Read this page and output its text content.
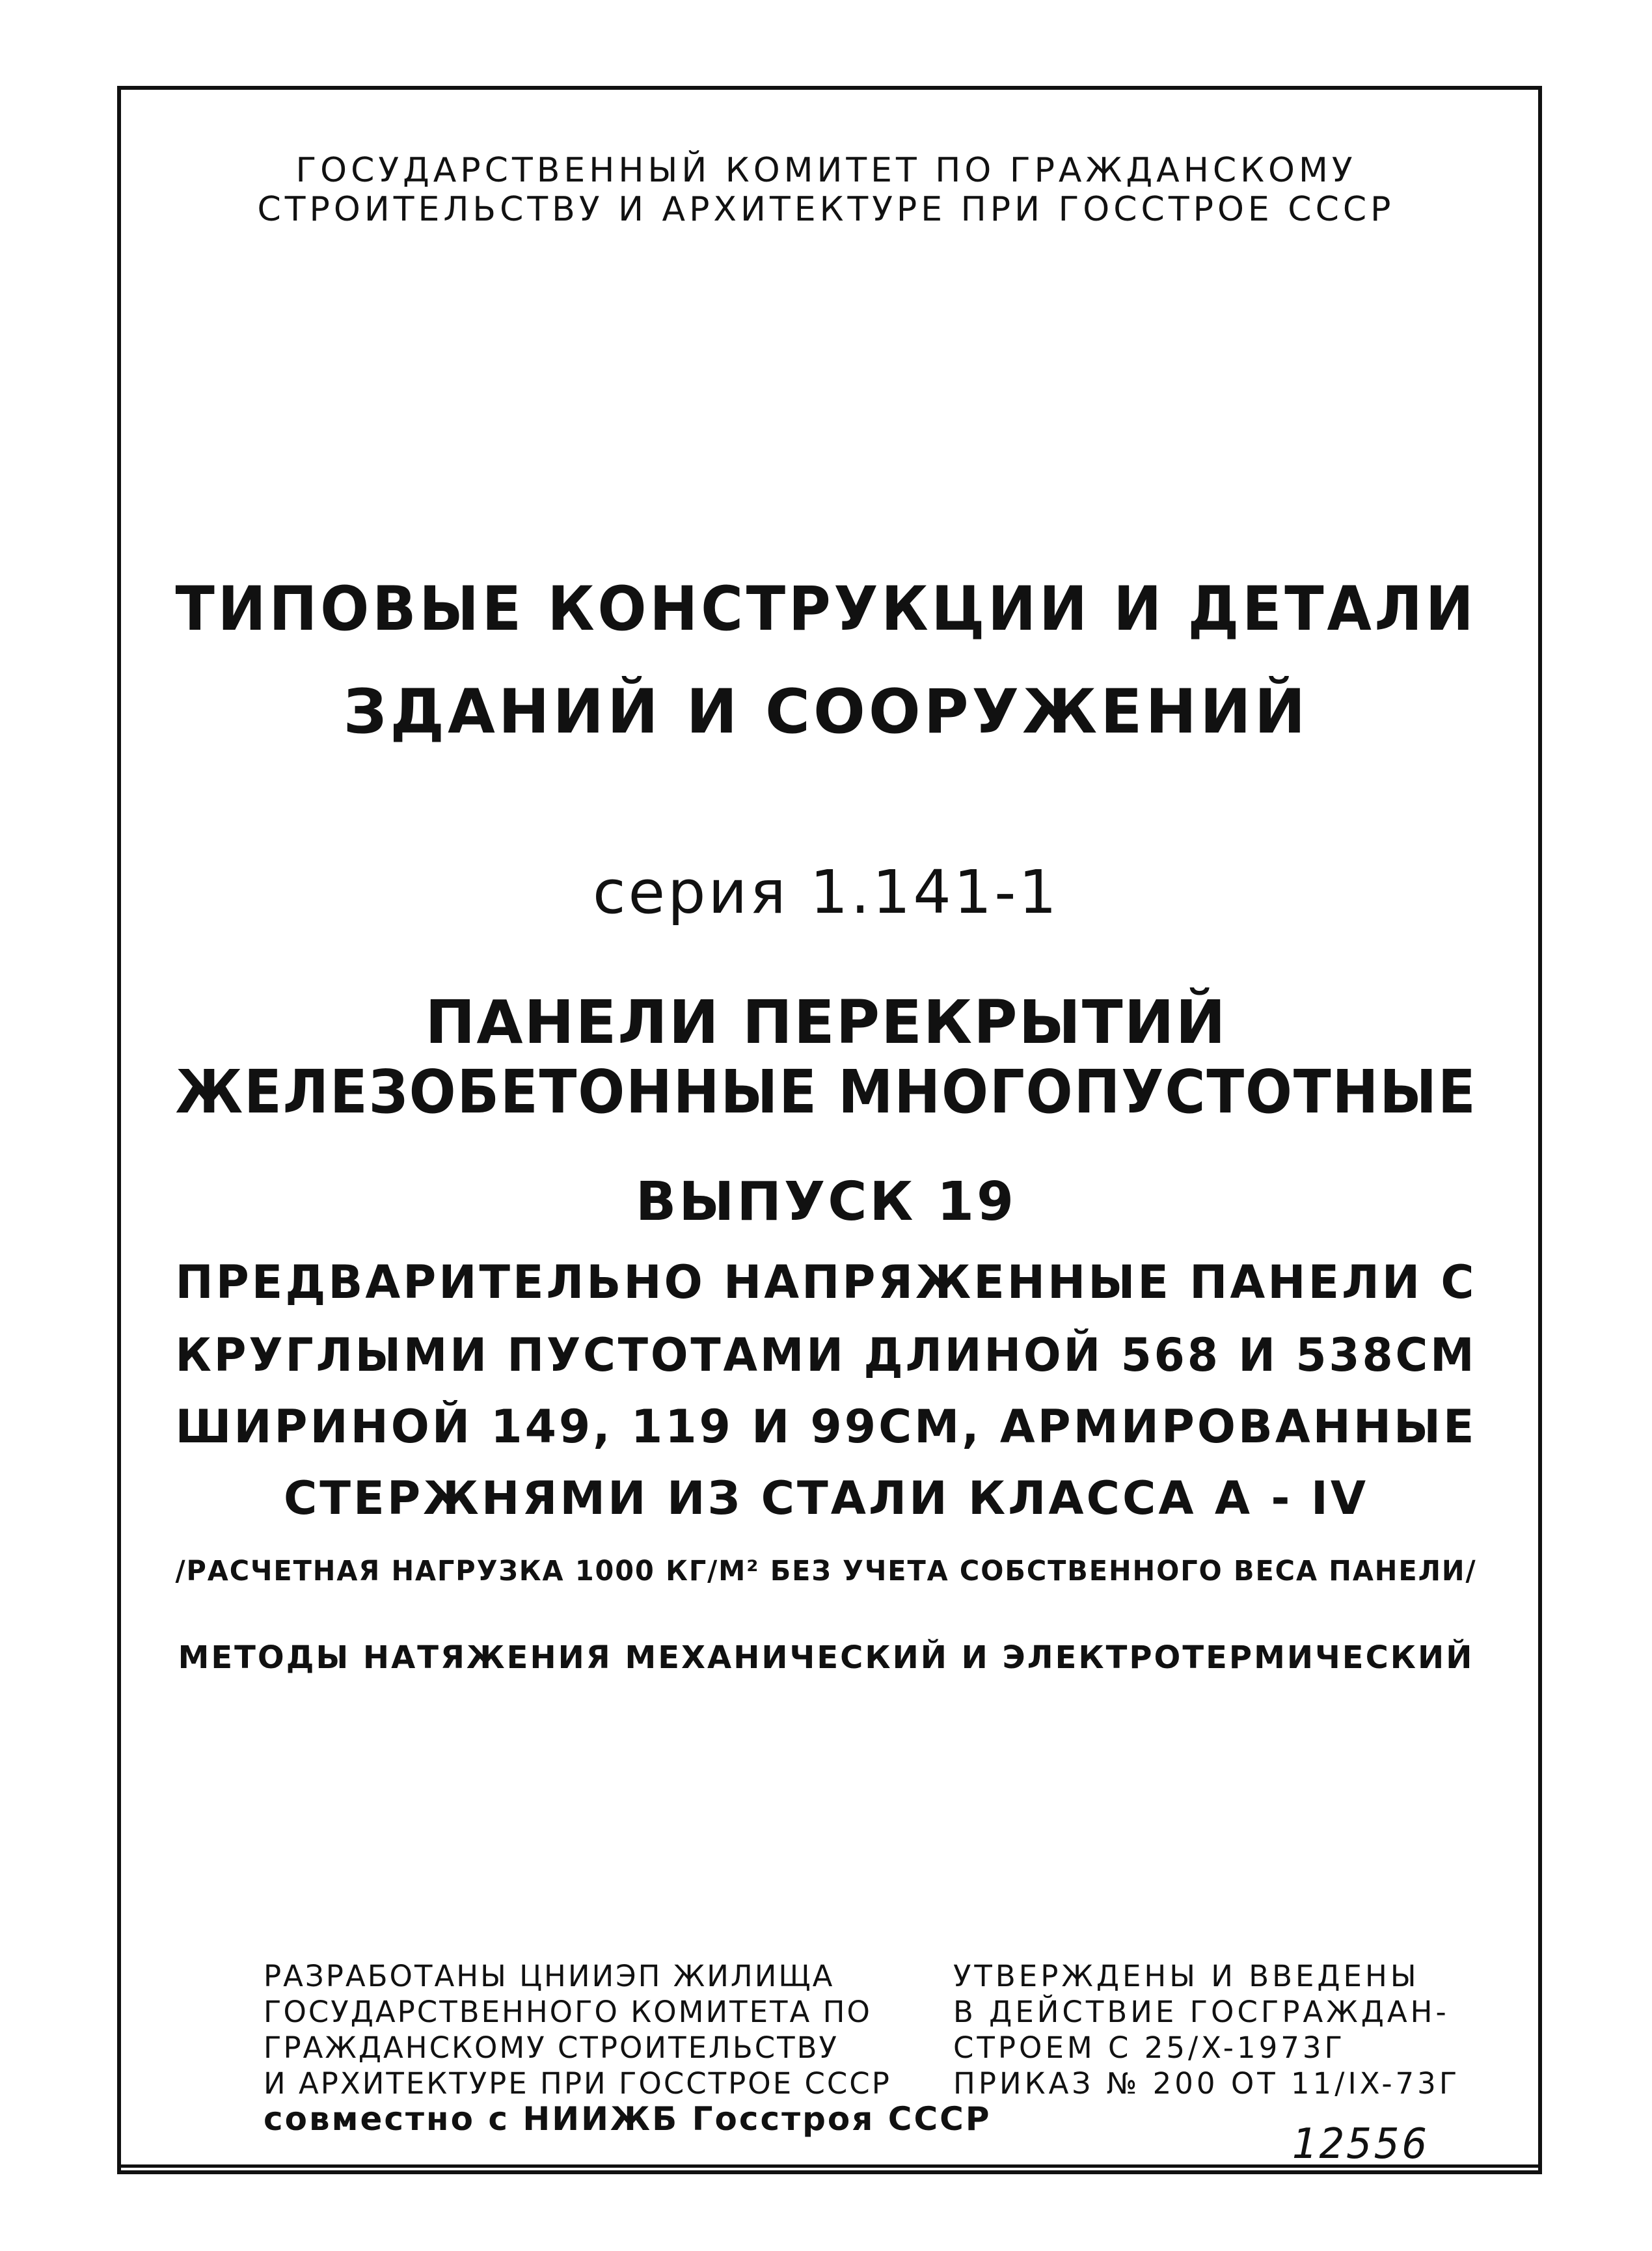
ГОСУДАРСТВЕННЫЙ КОМИТЕТ ПО ГРАЖДАНСКОМУ
СТРОИТЕЛЬСТВУ И АРХИТЕКТУРЕ ПРИ ГОССТРОЕ СССР
ТИПОВЫЕ КОНСТРУКЦИИ И ДЕТАЛИ
ЗДАНИЙ И СООРУЖЕНИЙ
серия 1.141-1
ПАНЕЛИ ПЕРЕКРЫТИЙ
ЖЕЛЕЗОБЕТОННЫЕ МНОГОПУСТОТНЫЕ
ВЫПУСК 19
ПРЕДВАРИТЕЛЬНО НАПРЯЖЕННЫЕ ПАНЕЛИ С
КРУГЛЫМИ ПУСТОТАМИ ДЛИНОЙ 568 И 538СМ
ШИРИНОЙ 149, 119 И 99СМ, АРМИРОВАННЫЕ
СТЕРЖНЯМИ ИЗ СТАЛИ КЛАССА А - IV
/РАСЧЕТНАЯ НАГРУЗКА 1000 КГ/М² БЕЗ УЧЕТА СОБСТВЕННОГО ВЕСА ПАНЕЛИ/
МЕТОДЫ НАТЯЖЕНИЯ МЕХАНИЧЕСКИЙ И ЭЛЕКТРОТЕРМИЧЕСКИЙ
РАЗРАБОТАНЫ ЦНИИЭП ЖИЛИЩА
ГОСУДАРСТВЕННОГО КОМИТЕТА ПО
ГРАЖДАНСКОМУ СТРОИТЕЛЬСТВУ
И АРХИТЕКТУРЕ ПРИ ГОССТРОЕ СССР
совместно с НИИЖБ Госстроя СССР
УТВЕРЖДЕНЫ И ВВЕДЕНЫ
В ДЕЙСТВИЕ ГОСГРАЖДАН-
СТРОЕМ С 25/X-1973Г
ПРИКАЗ № 200 ОТ 11/IX-73Г
12556
